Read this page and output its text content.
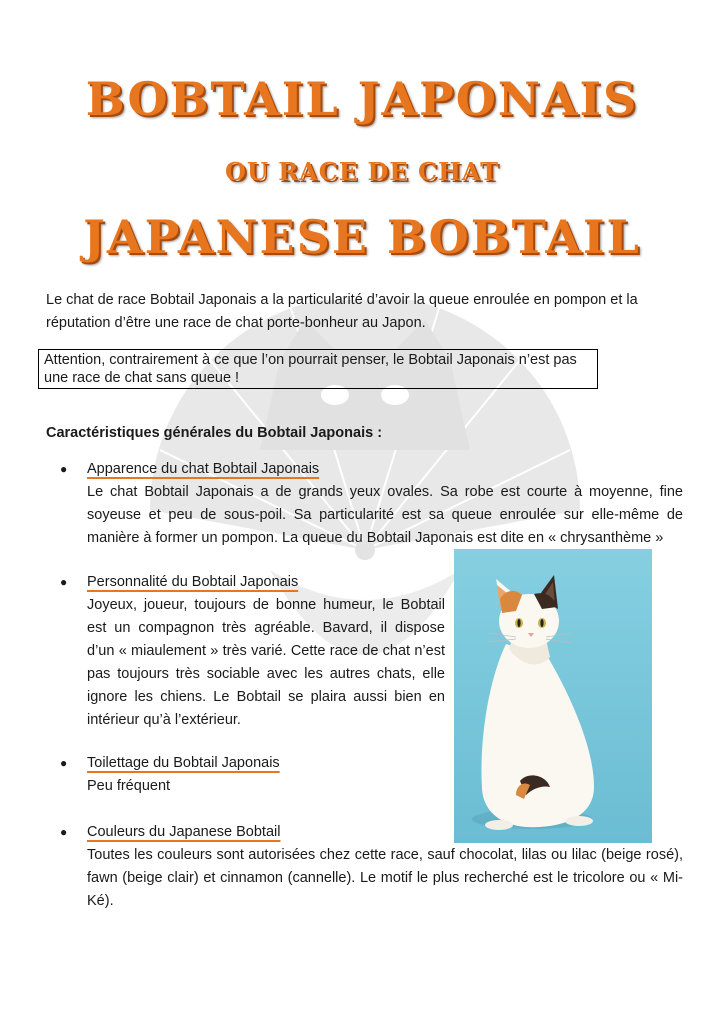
BOBTAIL JAPONAIS
OU RACE DE CHAT
JAPANESE BOBTAIL
Le chat de race Bobtail Japonais a la particularité d’avoir la queue enroulée en pompon et la réputation d’être une race de chat porte-bonheur au Japon.
Attention, contrairement à ce que l’on pourrait penser, le Bobtail Japonais n’est pas une race de chat sans queue !
Caractéristiques générales du Bobtail Japonais :
●	Apparence du chat Bobtail Japonais
Le chat Bobtail Japonais a de grands yeux ovales. Sa robe est courte à moyenne, fine soyeuse et peu de sous-poil. Sa particularité est sa queue enroulée sur elle-même de manière à former un pompon. La queue du Bobtail Japonais est dite en « chrysanthème »
●	Personnalité du Bobtail Japonais
Joyeux, joueur, toujours de bonne humeur, le Bobtail est un compagnon très agréable. Bavard, il dispose d’un « miaulement » très varié. Cette race de chat n’est pas toujours très sociable avec les autres chats, elle ignore les chiens. Le Bobtail se plaira aussi bien en intérieur qu’à l’extérieur.
●	Toilettage du Bobtail Japonais
Peu fréquent
●	Couleurs du Japanese Bobtail
Toutes les couleurs sont autorisées chez cette race, sauf chocolat, lilas ou lilac (beige rosé), fawn (beige clair) et cinnamon (cannelle). Le motif le plus recherché est le tricolore ou « Mi-Ké).
